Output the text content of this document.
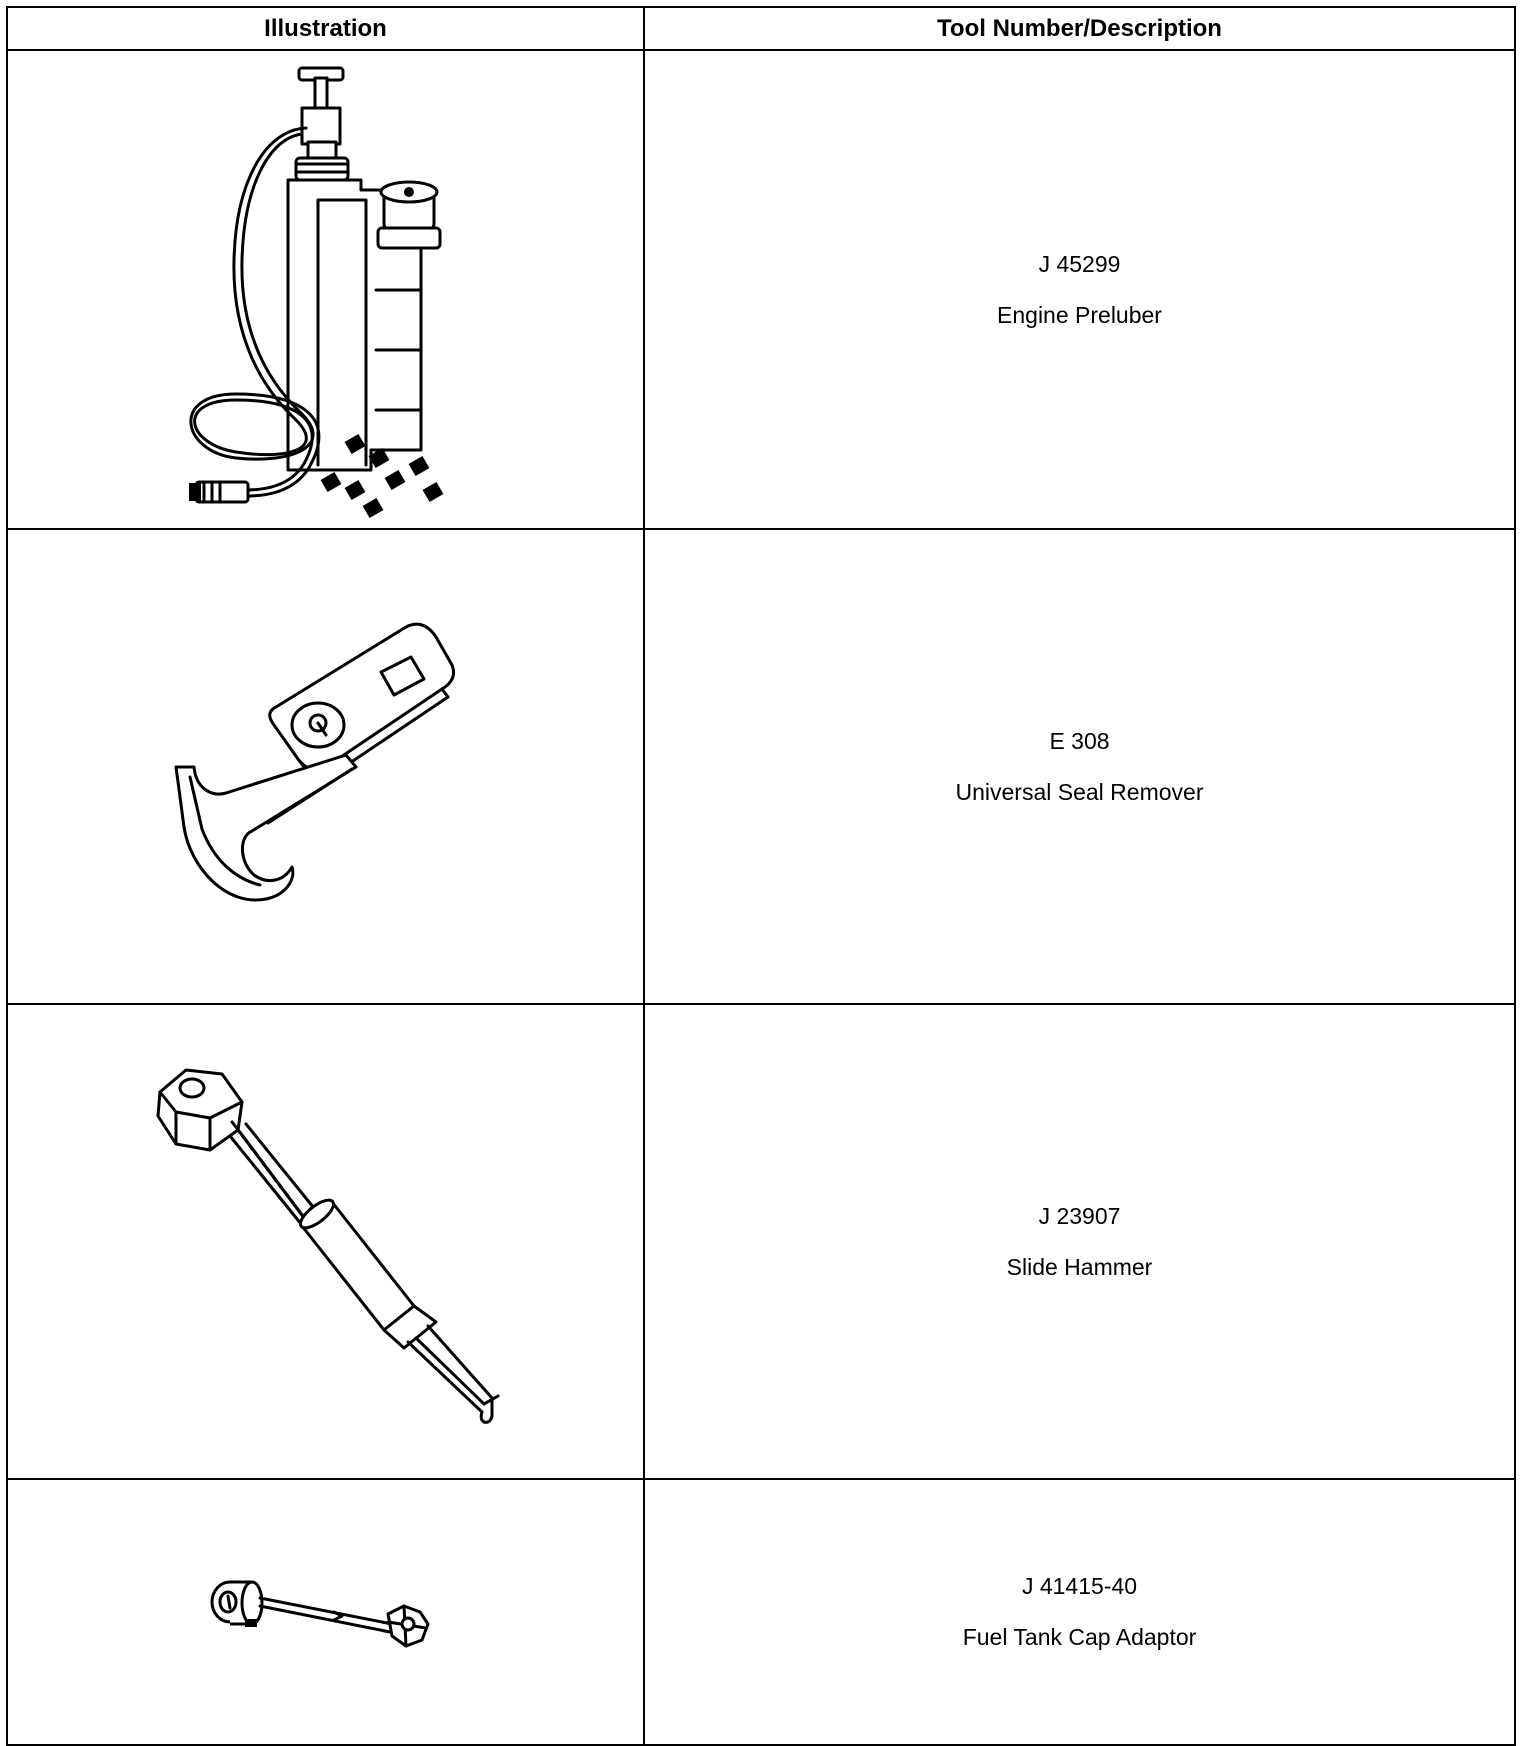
Illustration	Tool Number/Description

J 45299
Engine Preluber

E 308
Universal Seal Remover

J 23907
Slide Hammer

J 41415-40
Fuel Tank Cap Adaptor
